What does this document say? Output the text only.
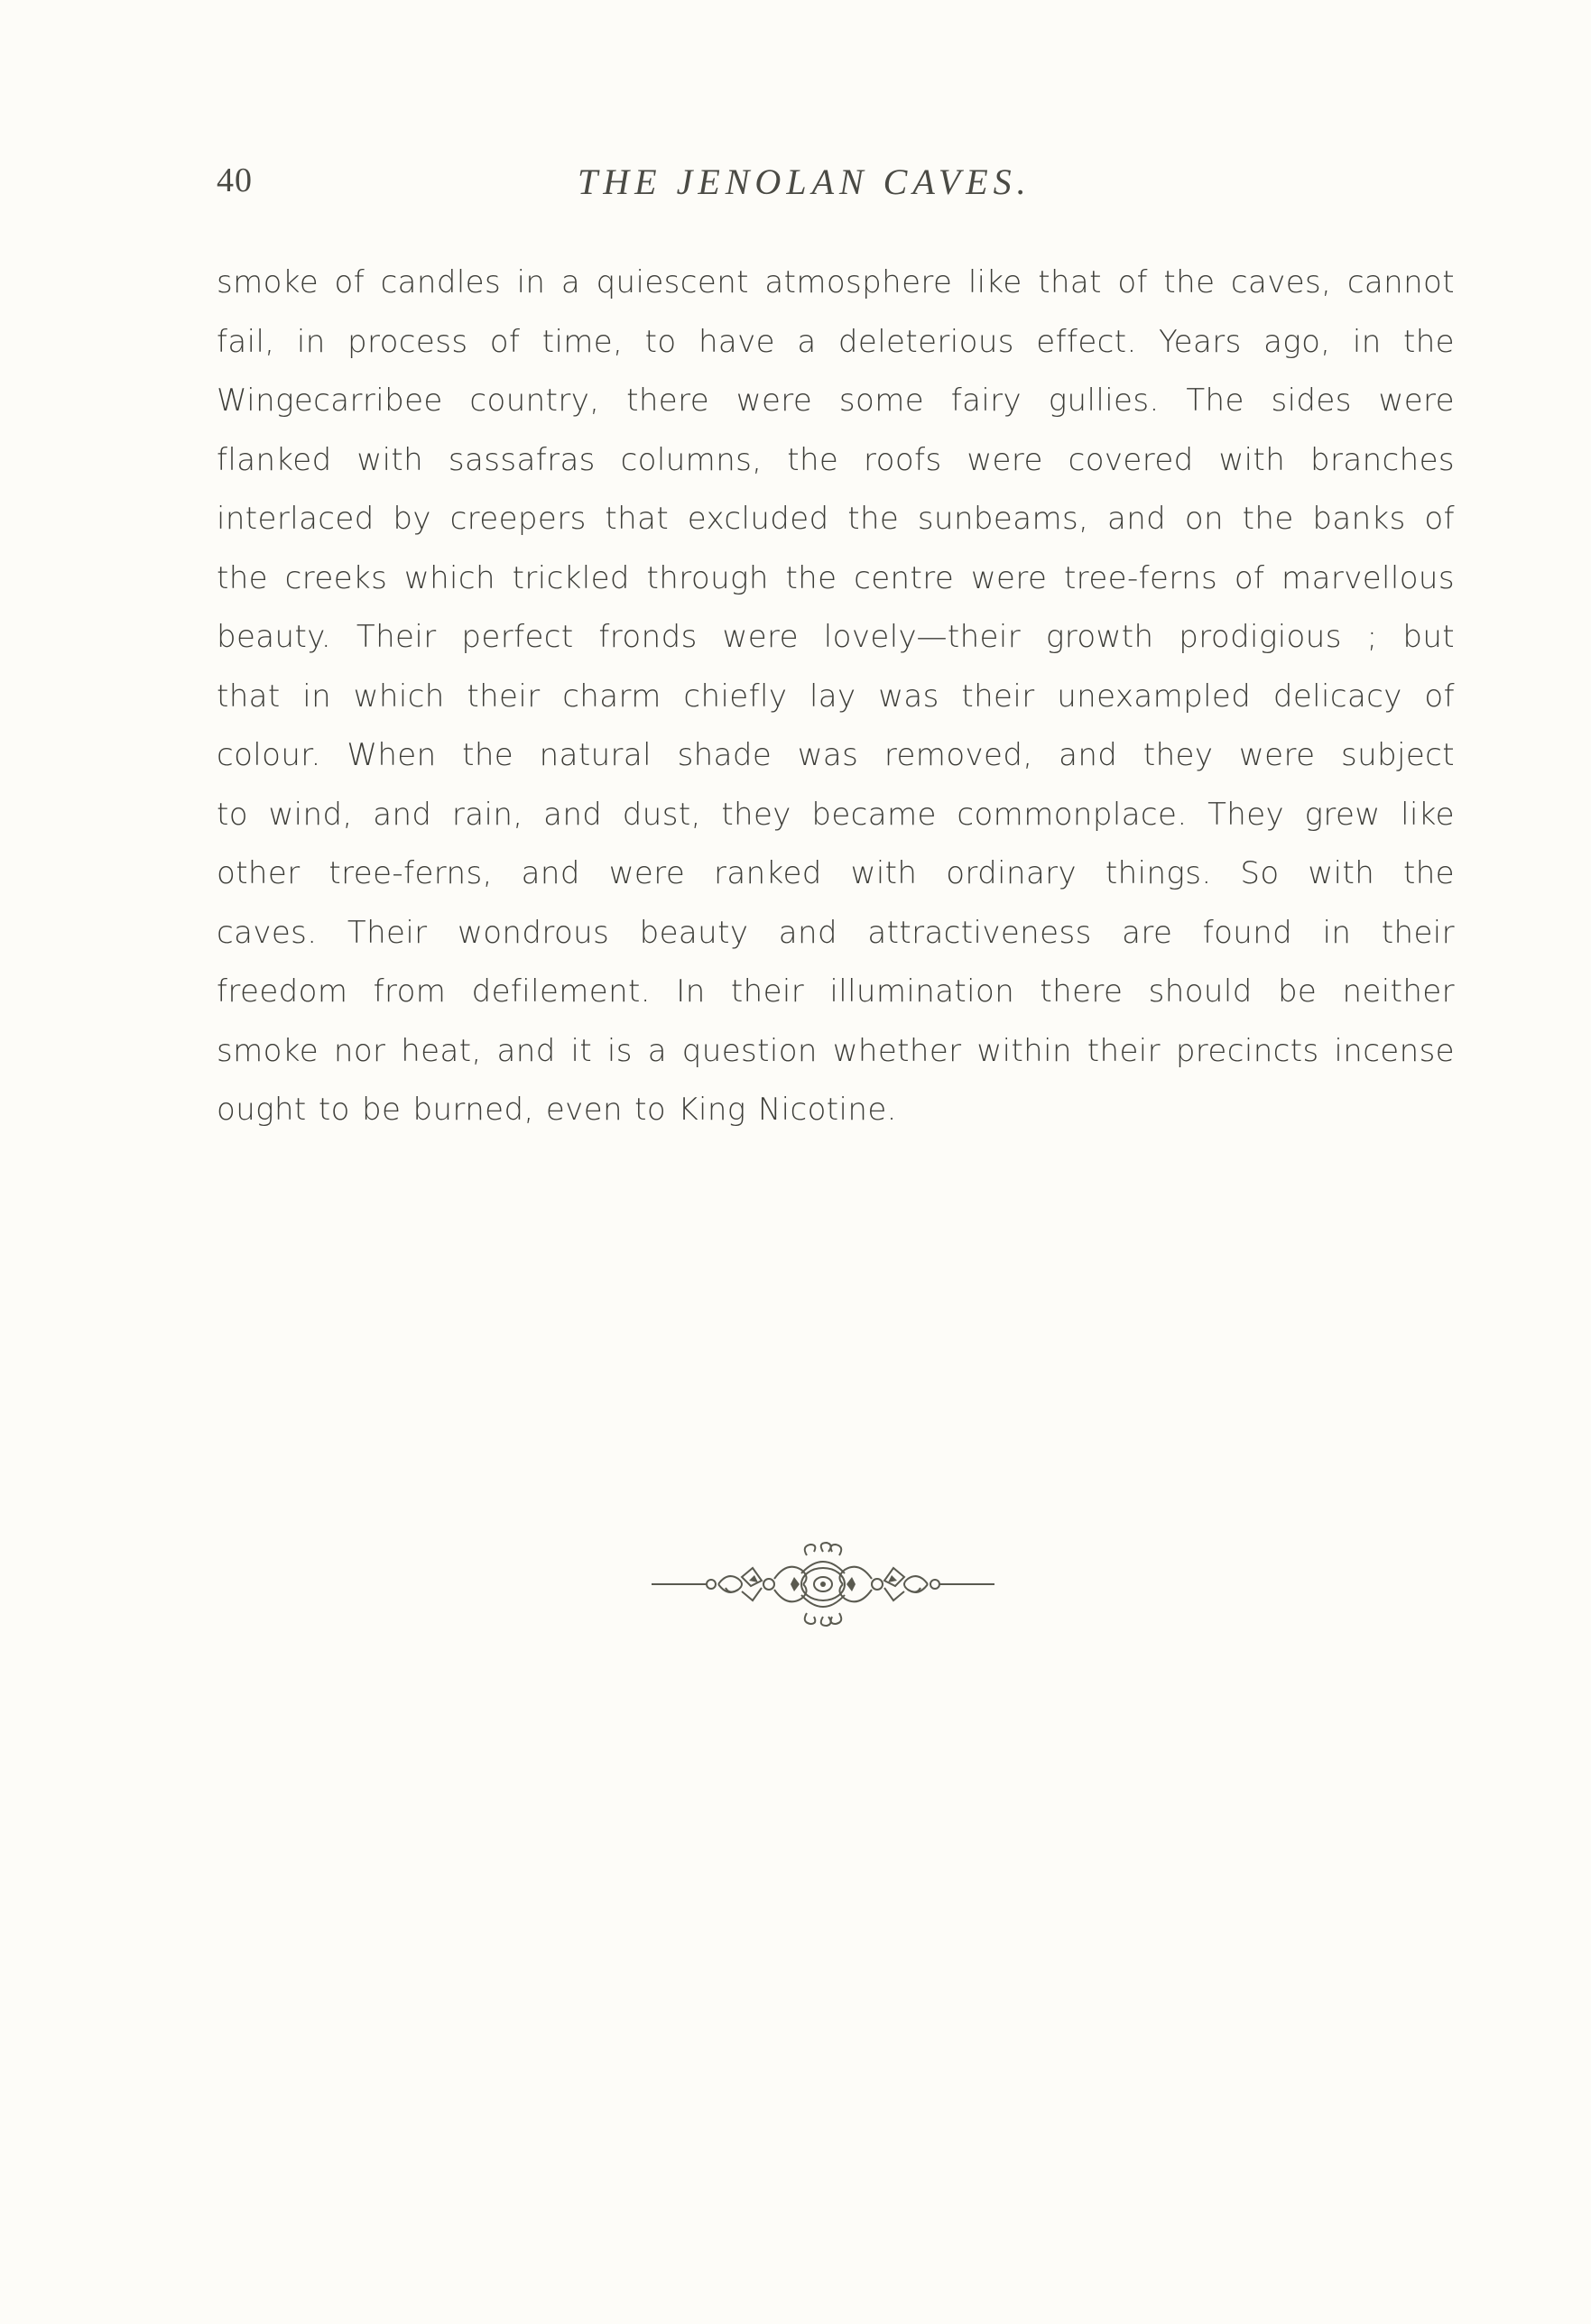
40	THE JENOLAN CAVES.
smoke of candles in a quiescent atmosphere like that of the caves, cannot
fail, in process of time, to have a deleterious effect. Years ago, in the
Wingecarribee country, there were some fairy gullies. The sides were
flanked with sassafras columns, the roofs were covered with branches
interlaced by creepers that excluded the sunbeams, and on the banks of
the creeks which trickled through the centre were tree-ferns of marvellous
beauty. Their perfect fronds were lovely—their growth prodigious ; but
that in which their charm chiefly lay was their unexampled delicacy of
colour. When the natural shade was removed, and they were subject
to wind, and rain, and dust, they became commonplace. They grew like
other tree-ferns, and were ranked with ordinary things. So with the
caves. Their wondrous beauty and attractiveness are found in their
freedom from defilement. In their illumination there should be neither
smoke nor heat, and it is a question whether within their precincts incense
ought to be burned, even to King Nicotine.
